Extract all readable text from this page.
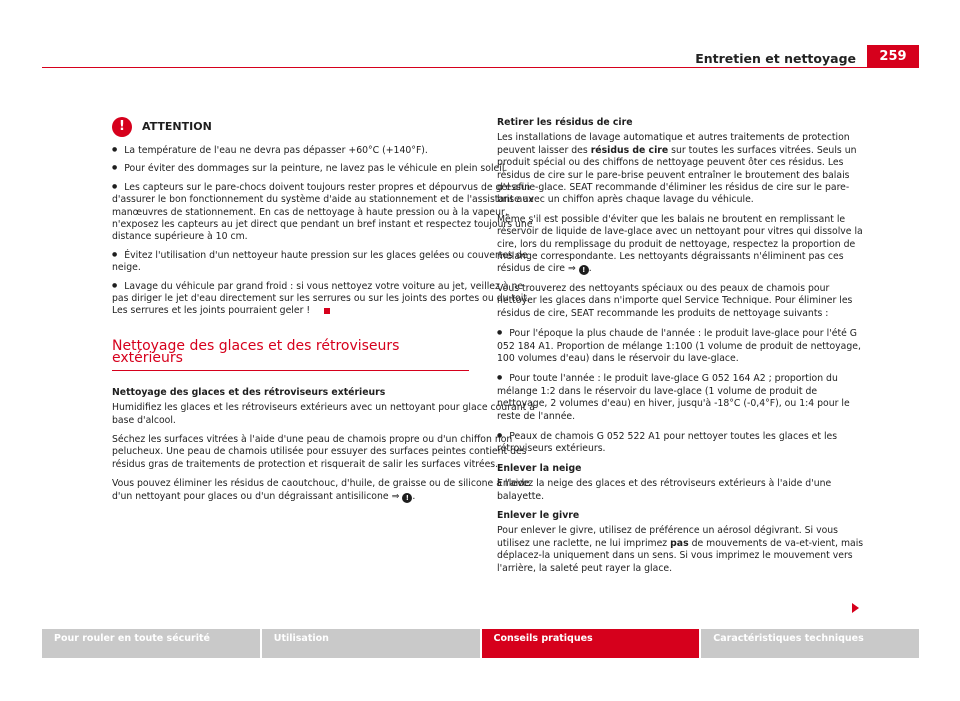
Entretien et nettoyage	259
!	ATTENTION

● La température de l'eau ne devra pas dépasser +60°C (+140°F).

● Pour éviter des dommages sur la peinture, ne lavez pas le véhicule en plein soleil.

● Les capteurs sur le pare-chocs doivent toujours rester propres et dépourvus de gel afin d'assurer le bon fonctionnement du système d'aide au stationnement et de l'assistant aux manœuvres de stationnement. En cas de nettoyage à haute pression ou à la vapeur, n'exposez les capteurs au jet direct que pendant un bref instant et respectez toujours une distance supérieure à 10 cm.

● Évitez l'utilisation d'un nettoyeur haute pression sur les glaces gelées ou couvertes de neige.

● Lavage du véhicule par grand froid : si vous nettoyez votre voiture au jet, veillez à ne pas diriger le jet d'eau directement sur les serrures ou sur les joints des portes ou du toit. Les serrures et les joints pourraient geler !

Nettoyage des glaces et des rétroviseurs extérieurs
Nettoyage des glaces et des rétroviseurs extérieurs

Humidifiez les glaces et les rétroviseurs extérieurs avec un nettoyant pour glace courant à base d'alcool.

Séchez les surfaces vitrées à l'aide d'une peau de chamois propre ou d'un chiffon non pelucheux. Une peau de chamois utilisée pour essuyer des surfaces peintes contient des résidus gras de traitements de protection et risquerait de salir les surfaces vitrées.

Vous pouvez éliminer les résidus de caoutchouc, d'huile, de graisse ou de silicone à l'aide d'un nettoyant pour glaces ou d'un dégraissant antisilicone ⇒ ! .

Retirer les résidus de cire

Les installations de lavage automatique et autres traitements de protection peuvent laisser des résidus de cire sur toutes les surfaces vitrées. Seuls un produit spécial ou des chiffons de nettoyage peuvent ôter ces résidus. Les résidus de cire sur le pare-brise peuvent entraîner le broutement des balais d'essuie-glace. SEAT recommande d'éliminer les résidus de cire sur le pare-brise avec un chiffon après chaque lavage du véhicule.

Même s'il est possible d'éviter que les balais ne broutent en remplissant le réservoir de liquide de lave-glace avec un nettoyant pour vitres qui dissolve la cire, lors du remplissage du produit de nettoyage, respectez la proportion de mélange correspondante. Les nettoyants dégraissants n'éliminent pas ces résidus de cire ⇒ ! .

Vous trouverez des nettoyants spéciaux ou des peaux de chamois pour nettoyer les glaces dans n'importe quel Service Technique. Pour éliminer les résidus de cire, SEAT recommande les produits de nettoyage suivants :

● Pour l'époque la plus chaude de l'année : le produit lave-glace pour l'été G 052 184 A1. Proportion de mélange 1:100 (1 volume de produit de nettoyage, 100 volumes d'eau) dans le réservoir du lave-glace.

● Pour toute l'année : le produit lave-glace G 052 164 A2 ; proportion du mélange 1:2 dans le réservoir du lave-glace (1 volume de produit de nettoyage, 2 volumes d'eau) en hiver, jusqu'à -18°C (-0,4°F), ou 1:4 pour le reste de l'année.

● Peaux de chamois G 052 522 A1 pour nettoyer toutes les glaces et les rétroviseurs extérieurs.

Enlever la neige

Enlevez la neige des glaces et des rétroviseurs extérieurs à l'aide d'une balayette.

Enlever le givre

Pour enlever le givre, utilisez de préférence un aérosol dégivrant. Si vous utilisez une raclette, ne lui imprimez pas de mouvements de va-et-vient, mais déplacez-la uniquement dans un sens. Si vous imprimez le mouvement vers l'arrière, la saleté peut rayer la glace.

Pour rouler en toute sécurité	Utilisation	Conseils pratiques	Caractéristiques techniques
